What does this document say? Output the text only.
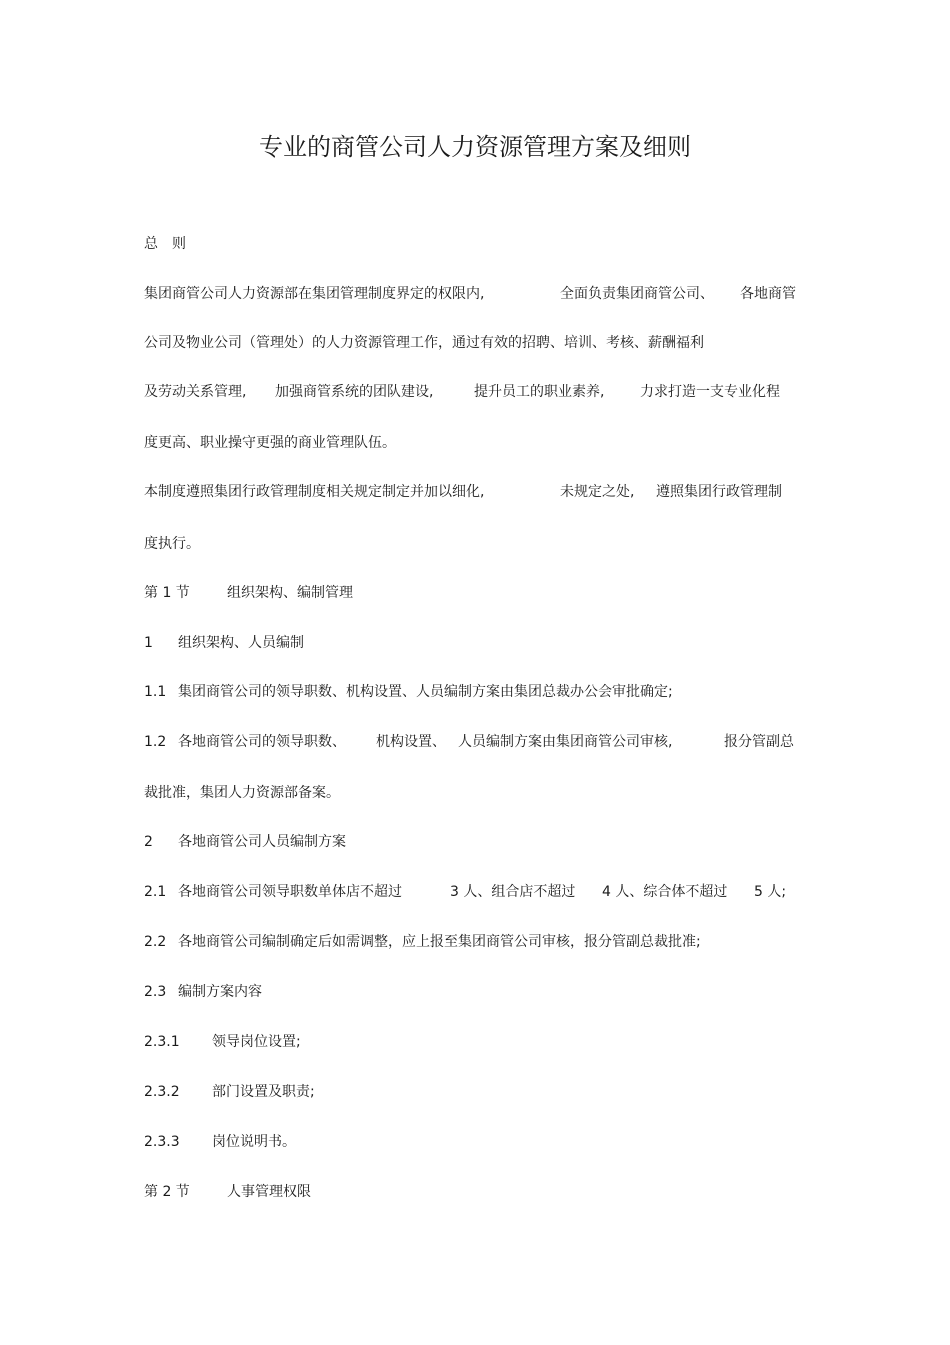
专业的商管公司人力资源管理方案及细则
总　则
集团商管公司人力资源部在集团管理制度界定的权限内,	全面负责集团商管公司、 各地商管
公司及物业公司（管理处）的人力资源管理工作，通过有效的招聘、培训、考核、薪酬福利
及劳动关系管理, 加强商管系统的团队建设,	提升员工的职业素养,	力求打造一支专业化程
度更高、职业操守更强的商业管理队伍。
本制度遵照集团行政管理制度相关规定制定并加以细化,	未规定之处, 遵照集团行政管理制
度执行。
第 1 节	组织架构、编制管理
1 组织架构、人员编制
1.1 集团商管公司的领导职数、机构设置、人员编制方案由集团总裁办公会审批确定;
1.2 各地商管公司的领导职数、 机构设置、 人员编制方案由集团商管公司审核,	报分管副总
裁批准，集团人力资源部备案。
2 各地商管公司人员编制方案
2.1 各地商管公司领导职数单体店不超过	3 人、组合店不超过 4 人、综合体不超过 5 人;
2.2 各地商管公司编制确定后如需调整，应上报至集团商管公司审核，报分管副总裁批准;
2.3 编制方案内容
2.3.1 领导岗位设置;
2.3.2 部门设置及职责;
2.3.3 岗位说明书。
第 2 节	人事管理权限
